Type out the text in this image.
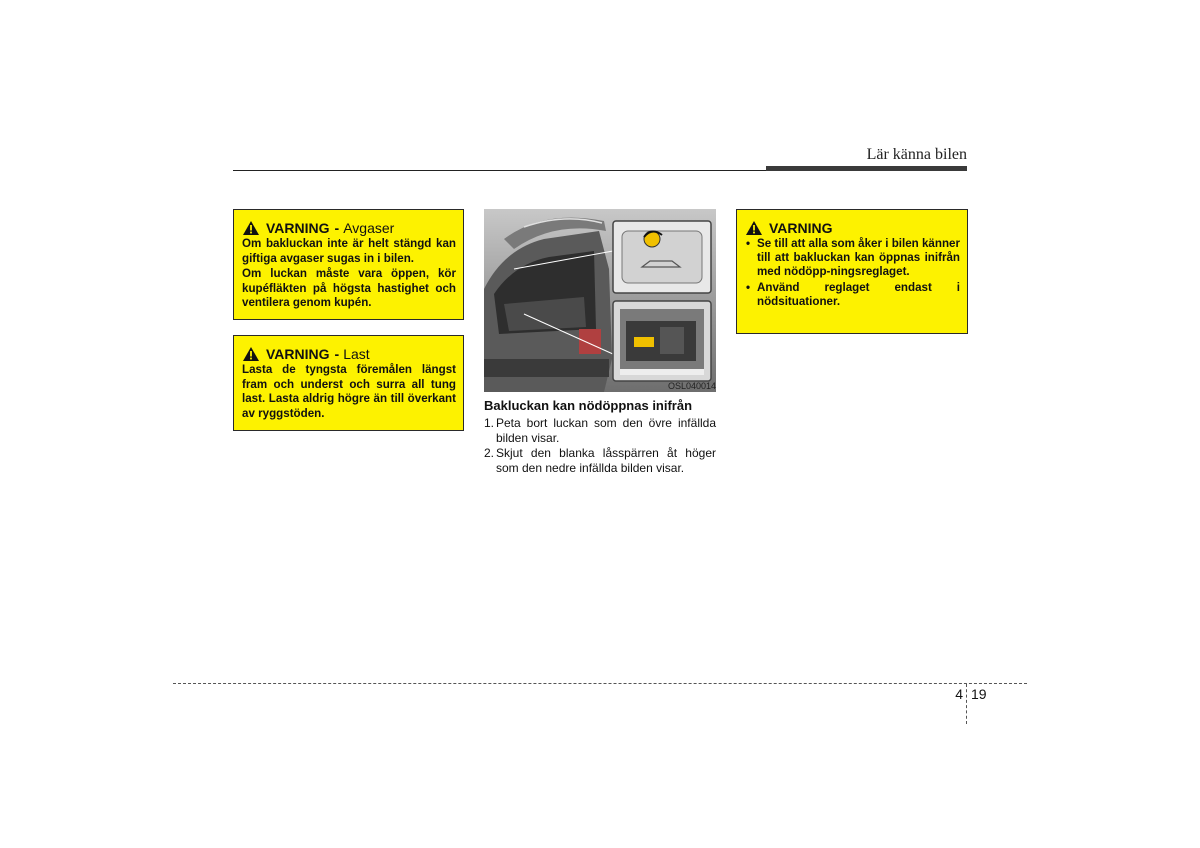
Lär känna bilen
VARNING - Avgaser

Om bakluckan inte är helt stängd kan giftiga avgaser sugas in i bilen.

Om luckan måste vara öppen, kör kupéfläkten på högsta hastighet och ventilera genom kupén.

VARNING - Last

Lasta de tyngsta föremålen längst fram och underst och surra all tung last. Lasta aldrig högre än till överkant av ryggstöden.

OSL040014
Bakluckan kan nödöppnas inifrån
1. Peta bort luckan som den övre infällda bilden visar.
2. Skjut den blanka låsspärren åt höger som den nedre infällda bilden visar.
VARNING
• Se till att alla som åker i bilen känner till att bakluckan kan öppnas inifrån med nödöpp-ningsreglaget.
• Använd reglaget endast i nödsituationer.
4 19
